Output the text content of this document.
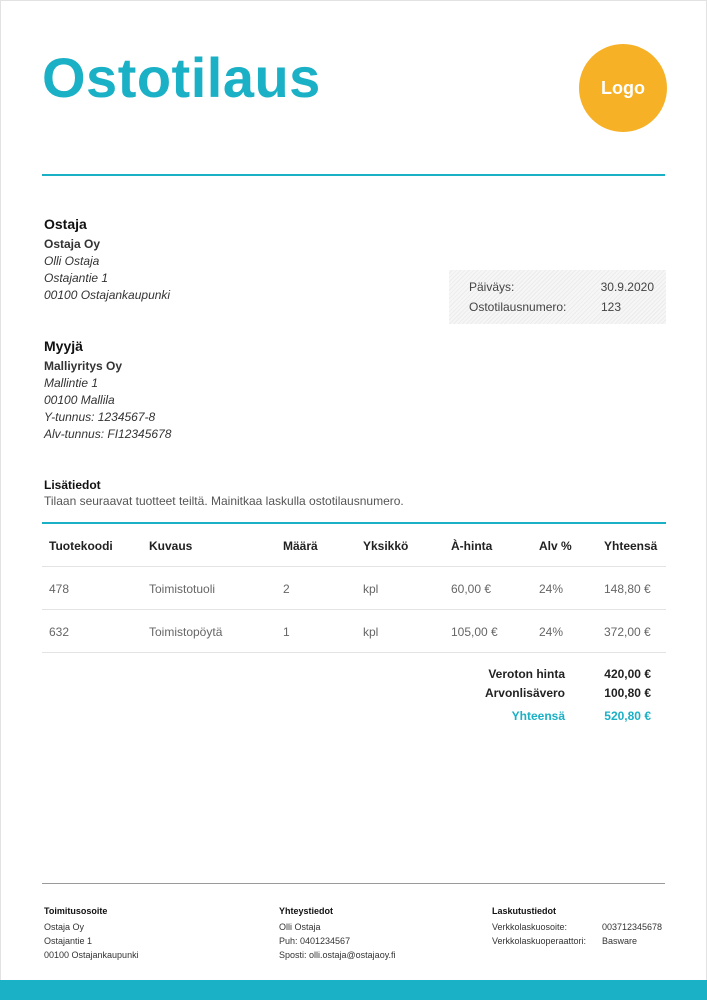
Ostotilaus	Logo
Ostaja
Ostaja Oy
Olli Ostaja
Ostajantie 1
00100 Ostajankaupunki
Päiväys:	30.9.2020
Ostotilausnumero:	123
Myyjä
Malliyritys Oy
Mallintie 1
00100 Mallila
Y-tunnus: 1234567-8
Alv-tunnus: FI12345678
Lisätiedot
Tilaan seuraavat tuotteet teiltä. Mainitkaa laskulla ostotilausnumero.
Tuotekoodi	Kuvaus	Määrä	Yksikkö	À-hinta	Alv %	Yhteensä
478	Toimistotuoli	2	kpl	60,00 €	24%	148,80 €
632	Toimistopöytä	1	kpl	105,00 €	24%	372,00 €
Veroton hinta	420,00 €
Arvonlisävero	100,80 €
Yhteensä	520,80 €
Toimitusosoite
Ostaja Oy
Ostajantie 1
00100 Ostajankaupunki
Yhteystiedot
Olli Ostaja
Puh: 0401234567
Sposti: olli.ostaja@ostajaoy.fi
Laskutustiedot
Verkkolaskuosoite:	003712345678
Verkkolaskuoperaattori:	Basware
